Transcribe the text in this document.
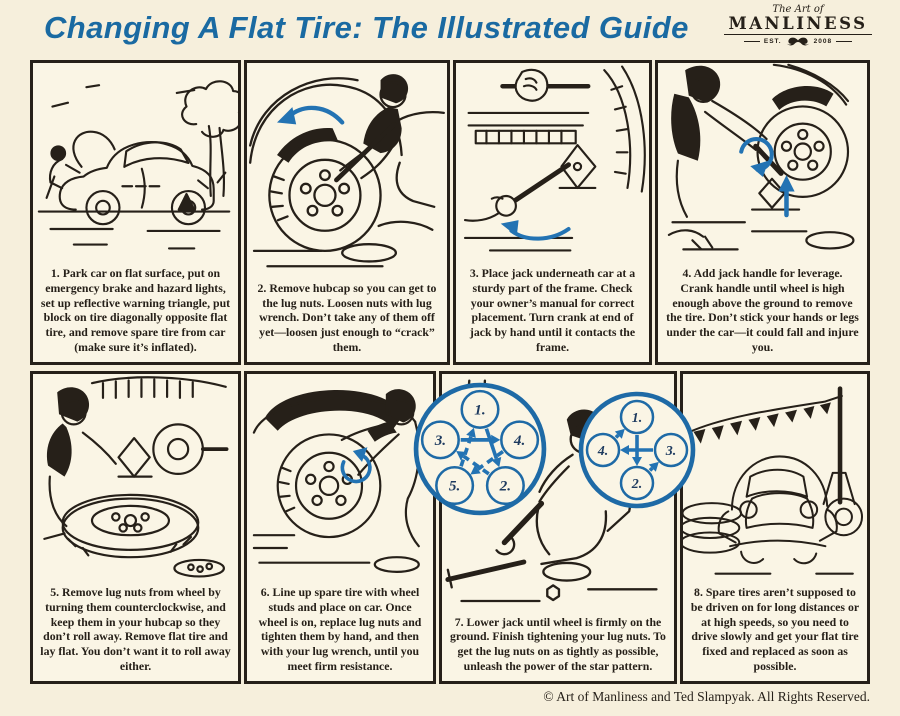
Changing A Flat Tire: The Illustrated Guide
The Art of
MANLINESS
EST.	2008
1. Park car on flat surface, put on emergency brake and hazard lights, set up reflective warning triangle, put block on tire diagonally opposite flat tire, and remove spare tire from car (make sure it’s inflated).
2. Remove hubcap so you can get to the lug nuts. Loosen nuts with lug wrench. Don’t take any of them off yet—loosen just enough to “crack” them.
3. Place jack underneath car at a sturdy part of the frame. Check your owner’s manual for correct placement. Turn crank at end of jack by hand until it contacts the frame.
4. Add jack handle for leverage. Crank handle until wheel is high enough above the ground to remove the tire. Don’t stick your hands or legs under the car—it could fall and injure you.
5. Remove lug nuts from wheel by turning them counterclockwise, and keep them in your hubcap so they don’t roll away. Remove flat tire and lay flat. You don’t want it to roll away either.
6. Line up spare tire with wheel studs and place on car. Once wheel is on, replace lug nuts and tighten them by hand, and then with your lug wrench, until you meet firm resistance.
7. Lower jack until wheel is firmly on the ground. Finish tightening your lug nuts. To get the lug nuts on as tightly as possible, unleash the power of the star pattern.
8. Spare tires aren’t supposed to be driven on for long distances or at high speeds, so you need to drive slowly and get your flat tire fixed and replaced as soon as possible.
1.
2.
3.	4.
5.
1.
2.
3.
4.
© Art of Manliness and Ted Slampyak. All Rights Reserved.
